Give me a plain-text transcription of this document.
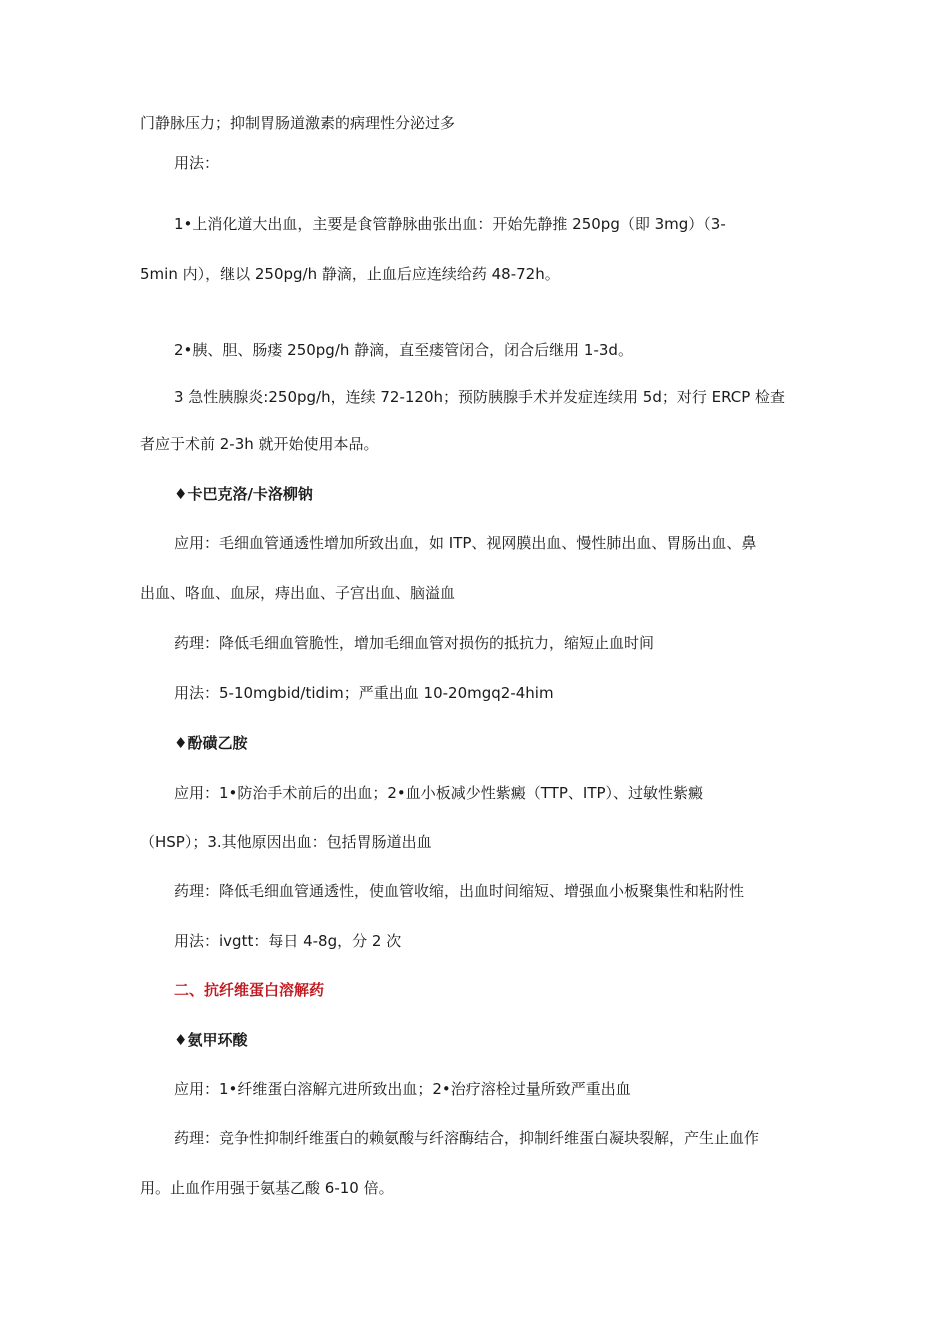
门静脉压力；抑制胃肠道激素的病理性分泌过多
用法：
1•上消化道大出血，主要是食管静脉曲张出血：开始先静推 250pg（即 3mg）（3-
5min 内），继以 250pg/h 静滴，止血后应连续给药 48-72h。
2•胰、胆、肠瘘 250pg/h 静滴，直至瘘管闭合，闭合后继用 1-3d。
3 急性胰腺炎:250pg/h，连续 72-120h；预防胰腺手术并发症连续用 5d；对行 ERCP 检查
者应于术前 2-3h 就开始使用本品。
♦卡巴克洛/卡洛柳钠
应用：毛细血管通透性增加所致出血，如 ITP、视网膜出血、慢性肺出血、胃肠出血、鼻
出血、咯血、血尿，痔出血、子宫出血、脑溢血
药理：降低毛细血管脆性，增加毛细血管对损伤的抵抗力，缩短止血时间
用法：5-10mgbid/tidim；严重出血 10-20mgq2-4him
♦酚磺乙胺
应用：1•防治手术前后的出血；2•血小板减少性紫癜（TTP、ITP）、过敏性紫癜
（HSP）；3.其他原因出血：包括胃肠道出血
药理：降低毛细血管通透性，使血管收缩，出血时间缩短、增强血小板聚集性和粘附性
用法：ivgtt：每日 4-8g，分 2 次
二、抗纤维蛋白溶解药
♦氨甲环酸
应用：1•纤维蛋白溶解亢进所致出血；2•治疗溶栓过量所致严重出血
药理：竞争性抑制纤维蛋白的赖氨酸与纤溶酶结合，抑制纤维蛋白凝块裂解，产生止血作
用。止血作用强于氨基乙酸 6-10 倍。
